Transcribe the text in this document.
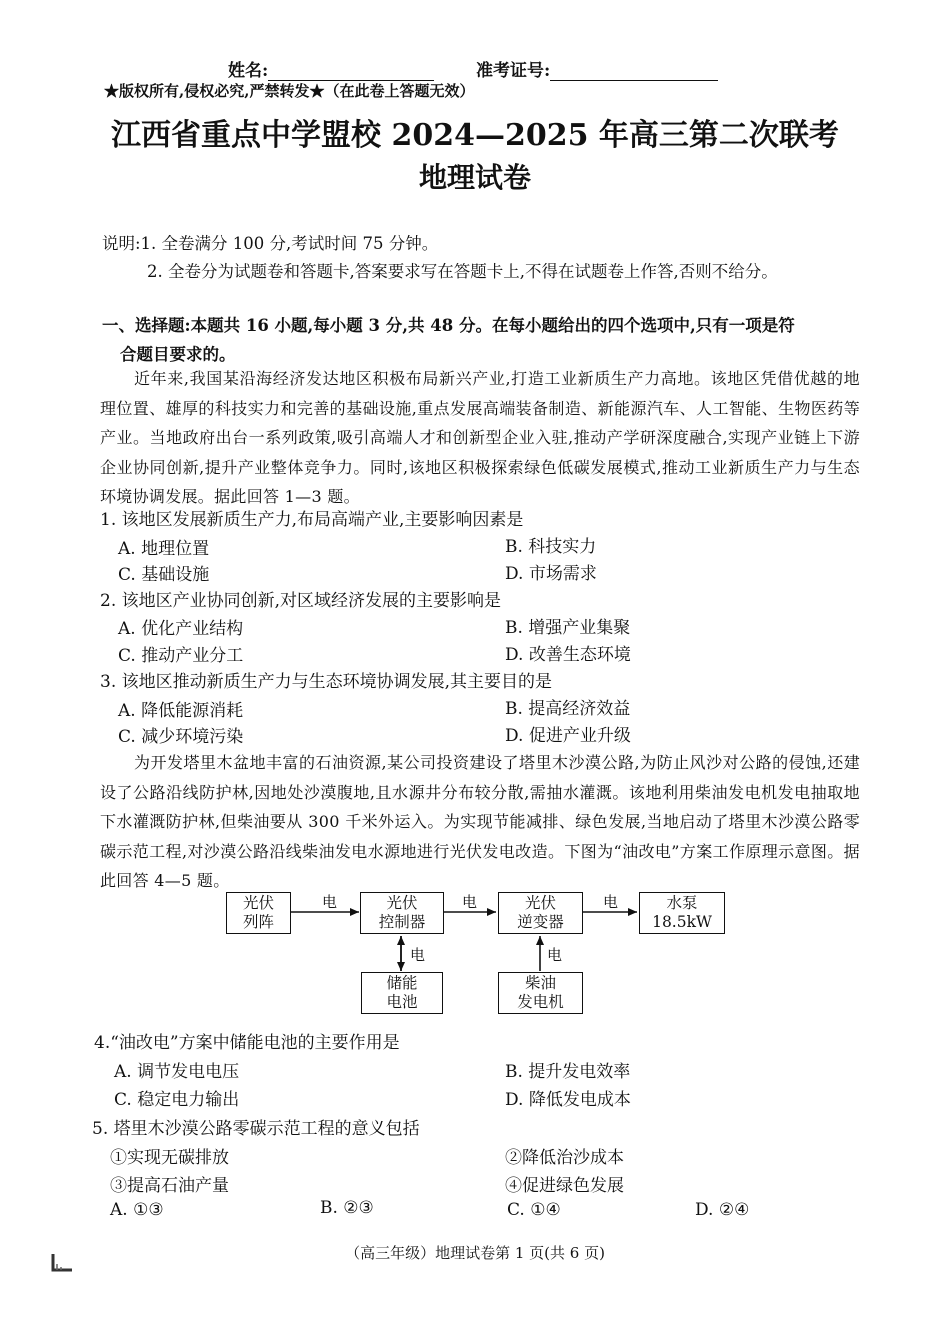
姓名:	准考证号:
★版权所有,侵权必究,严禁转发★（在此卷上答题无效）
江西省重点中学盟校 2024—2025 年高三第二次联考
地理试卷
说明:1. 全卷满分 100 分,考试时间 75 分钟。
2. 全卷分为试题卷和答题卡,答案要求写在答题卡上,不得在试题卷上作答,否则不给分。
一、选择题:本题共 16 小题,每小题 3 分,共 48 分。在每小题给出的四个选项中,只有一项是符
合题目要求的。
近年来,我国某沿海经济发达地区积极布局新兴产业,打造工业新质生产力高地。该地区凭借优越的地理位置、雄厚的科技实力和完善的基础设施,重点发展高端装备制造、新能源汽车、人工智能、生物医药等产业。当地政府出台一系列政策,吸引高端人才和创新型企业入驻,推动产学研深度融合,实现产业链上下游企业协同创新,提升产业整体竞争力。同时,该地区积极探索绿色低碳发展模式,推动工业新质生产力与生态环境协调发展。据此回答 1—3 题。
1. 该地区发展新质生产力,布局高端产业,主要影响因素是
A. 地理位置	B. 科技实力
C. 基础设施	D. 市场需求
2. 该地区产业协同创新,对区域经济发展的主要影响是
A. 优化产业结构	B. 增强产业集聚
C. 推动产业分工	D. 改善生态环境
3. 该地区推动新质生产力与生态环境协调发展,其主要目的是
A. 降低能源消耗	B. 提高经济效益
C. 减少环境污染	D. 促进产业升级
为开发塔里木盆地丰富的石油资源,某公司投资建设了塔里木沙漠公路,为防止风沙对公路的侵蚀,还建设了公路沿线防护林,因地处沙漠腹地,且水源井分布较分散,需抽水灌溉。该地利用柴油发电机发电抽取地下水灌溉防护林,但柴油要从 300 千米外运入。为实现节能减排、绿色发展,当地启动了塔里木沙漠公路零碳示范工程,对沙漠公路沿线柴油发电水源地进行光伏发电改造。下图为“油改电”方案工作原理示意图。据此回答 4—5 题。
光伏
列阵
光伏
控制器
光伏
逆变器
水泵
18.5kW
储能
电池
柴油
发电机
电	电	电
电	电
4.“油改电”方案中储能电池的主要作用是
A. 调节发电电压	B. 提升发电效率
C. 稳定电力输出	D. 降低发电成本
5. 塔里木沙漠公路零碳示范工程的意义包括
①实现无碳排放	②降低治沙成本
③提高石油产量	④促进绿色发展
A. ①③	B. ②③	C. ①④	D. ②④
（高三年级）地理试卷第 1 页(共 6 页)
